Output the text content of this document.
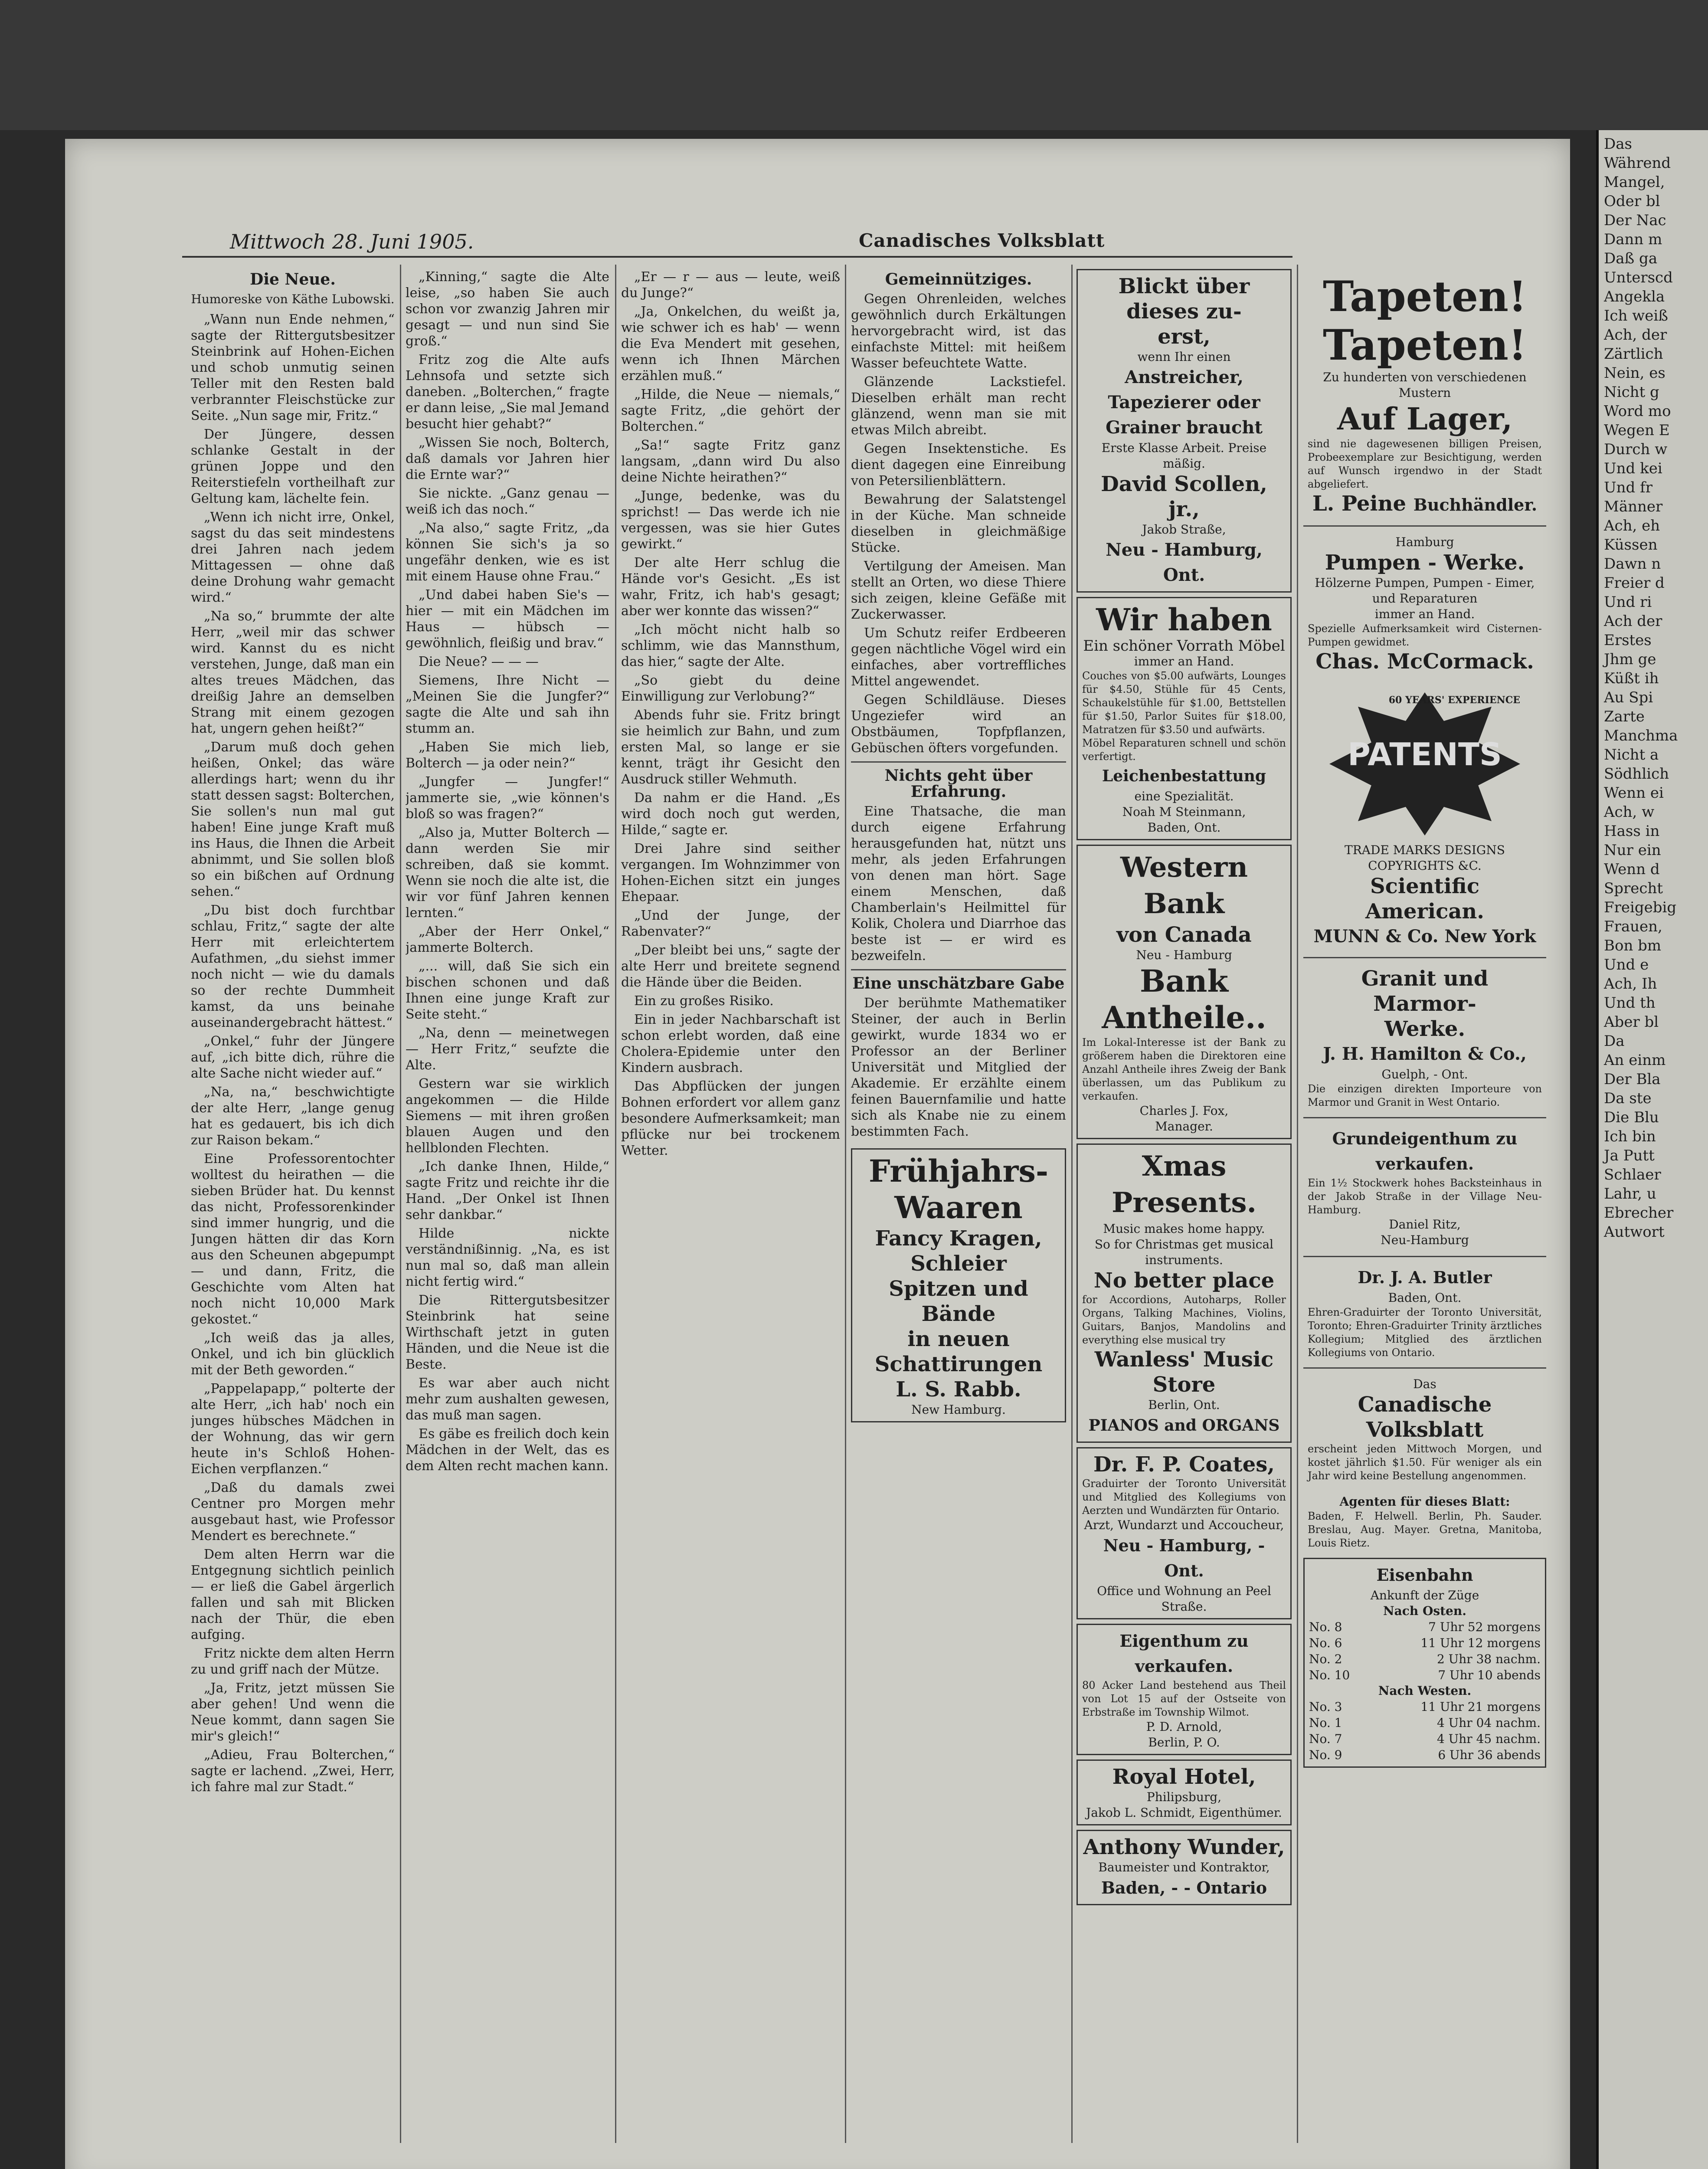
Das
Während
Mangel,
Oder bl
Der Nac
Dann m
Daß ga
Unterscd
Angekla
Ich weiß
Ach, der
Zärtlich
Nein, es
Nicht g
Word mo
Wegen E
Durch w
Und kei
Und fr
Männer
Ach, eh
Küssen
Dawn n
Freier d
Und ri
Ach der
Erstes
Jhm ge
Küßt ih
Au Spi
Zarte
Manchma
Nicht a
Södhlich
Wenn ei
Ach, w
Hass in
Nur ein
Wenn d
Sprecht
Freigebig
Frauen,
Bon bm
Und e
Ach, Ih
Und th
Aber bl
Da
An einm
Der Bla
Da ste
Die Blu
Ich bin
Ja Putt
Schlaer
Lahr, u
Ebrecher
Autwort
Mittwoch 28. Juni 1905.	Canadisches Volksblatt
Die Neue.
Humoreske von Käthe Lubowski.

„Wann nun Ende nehmen,“ sagte der Rittergutsbesitzer Steinbrink auf Hohen-Eichen und schob unmutig seinen Teller mit den Resten bald verbrannter Fleischstücke zur Seite. „Nun sage mir, Fritz.“

Der Jüngere, dessen schlanke Gestalt in der grünen Joppe und den Reiterstiefeln vortheilhaft zur Geltung kam, lächelte fein.

„Wenn ich nicht irre, Onkel, sagst du das seit mindestens drei Jahren nach jedem Mittagessen — ohne daß deine Drohung wahr gemacht wird.“

„Na so,“ brummte der alte Herr, „weil mir das schwer wird. Kannst du es nicht verstehen, Junge, daß man ein altes treues Mädchen, das dreißig Jahre an demselben Strang mit einem gezogen hat, ungern gehen heißt?“

„Darum muß doch gehen heißen, Onkel; das wäre allerdings hart; wenn du ihr statt dessen sagst: Bolterchen, Sie sollen's nun mal gut haben! Eine junge Kraft muß ins Haus, die Ihnen die Arbeit abnimmt, und Sie sollen bloß so ein bißchen auf Ordnung sehen.“

„Du bist doch furchtbar schlau, Fritz,“ sagte der alte Herr mit erleichtertem Aufathmen, „du siehst immer noch nicht — wie du damals so der rechte Dummheit kamst, da uns beinahe auseinandergebracht hättest.“

„Onkel,“ fuhr der Jüngere auf, „ich bitte dich, rühre die alte Sache nicht wieder auf.“

„Na, na,“ beschwichtigte der alte Herr, „lange genug hat es gedauert, bis ich dich zur Raison bekam.“

Eine Professorentochter wolltest du heirathen — die sieben Brüder hat. Du kennst das nicht, Professorenkinder sind immer hungrig, und die Jungen hätten dir das Korn aus den Scheunen abgepumpt — und dann, Fritz, die Geschichte vom Alten hat noch nicht 10,000 Mark gekostet.“

„Ich weiß das ja alles, Onkel, und ich bin glücklich mit der Beth geworden.“

„Pappelapapp,“ polterte der alte Herr, „ich hab' noch ein junges hübsches Mädchen in der Wohnung, das wir gern heute in's Schloß Hohen-Eichen verpflanzen.“

„Daß du damals zwei Centner pro Morgen mehr ausgebaut hast, wie Professor Mendert es berechnete.“

Dem alten Herrn war die Entgegnung sichtlich peinlich — er ließ die Gabel ärgerlich fallen und sah mit Blicken nach der Thür, die eben aufging.

Fritz nickte dem alten Herrn zu und griff nach der Mütze.

„Ja, Fritz, jetzt müssen Sie aber gehen! Und wenn die Neue kommt, dann sagen Sie mir's gleich!“

„Adieu, Frau Bolterchen,“ sagte er lachend. „Zwei, Herr, ich fahre mal zur Stadt.“

„Kinning,“ sagte die Alte leise, „so haben Sie auch schon vor zwanzig Jahren mir gesagt — und nun sind Sie groß.“

Fritz zog die Alte aufs Lehnsofa und setzte sich daneben. „Bolterchen,“ fragte er dann leise, „Sie mal Jemand besucht hier gehabt?“

„Wissen Sie noch, Bolterch, daß damals vor Jahren hier die Ernte war?“

Sie nickte. „Ganz genau — weiß ich das noch.“

„Na also,“ sagte Fritz, „da können Sie sich's ja so ungefähr denken, wie es ist mit einem Hause ohne Frau.“

„Und dabei haben Sie's — hier — mit ein Mädchen im Haus — hübsch — gewöhnlich, fleißig und brav.“

Die Neue? — — —

Siemens, Ihre Nicht — „Meinen Sie die Jungfer?“ sagte die Alte und sah ihn stumm an.

„Haben Sie mich lieb, Bolterch — ja oder nein?“

„Jungfer — Jungfer!“ jammerte sie, „wie können's bloß so was fragen?“

„Also ja, Mutter Bolterch — dann werden Sie mir schreiben, daß sie kommt. Wenn sie noch die alte ist, die wir vor fünf Jahren kennen lernten.“

„Aber der Herr Onkel,“ jammerte Bolterch.

„... will, daß Sie sich ein bischen schonen und daß Ihnen eine junge Kraft zur Seite steht.“

„Na, denn — meinetwegen — Herr Fritz,“ seufzte die Alte.

Gestern war sie wirklich angekommen — die Hilde Siemens — mit ihren großen blauen Augen und den hellblonden Flechten.

„Ich danke Ihnen, Hilde,“ sagte Fritz und reichte ihr die Hand. „Der Onkel ist Ihnen sehr dankbar.“

Hilde nickte verständnißinnig. „Na, es ist nun mal so, daß man allein nicht fertig wird.“

Die Rittergutsbesitzer Steinbrink hat seine Wirthschaft jetzt in guten Händen, und die Neue ist die Beste.

Es war aber auch nicht mehr zum aushalten gewesen, das muß man sagen.

Es gäbe es freilich doch kein Mädchen in der Welt, das es dem Alten recht machen kann.

„Er — r — aus — leute, weiß du Junge?“

„Ja, Onkelchen, du weißt ja, wie schwer ich es hab' — wenn die Eva Mendert mit gesehen, wenn ich Ihnen Märchen erzählen muß.“

„Hilde, die Neue — niemals,“ sagte Fritz, „die gehört der Bolterchen.“

„Sa!“ sagte Fritz ganz langsam, „dann wird Du also deine Nichte heirathen?“

„Junge, bedenke, was du sprichst! — Das werde ich nie vergessen, was sie hier Gutes gewirkt.“

Der alte Herr schlug die Hände vor's Gesicht. „Es ist wahr, Fritz, ich hab's gesagt; aber wer konnte das wissen?“

„Ich möcht nicht halb so schlimm, wie das Mannsthum, das hier,“ sagte der Alte.

„So giebt du deine Einwilligung zur Verlobung?“

Abends fuhr sie. Fritz bringt sie heimlich zur Bahn, und zum ersten Mal, so lange er sie kennt, trägt ihr Gesicht den Ausdruck stiller Wehmuth.

Da nahm er die Hand. „Es wird doch noch gut werden, Hilde,“ sagte er.

Drei Jahre sind seither vergangen. Im Wohnzimmer von Hohen-Eichen sitzt ein junges Ehepaar.

„Und der Junge, der Rabenvater?“

„Der bleibt bei uns,“ sagte der alte Herr und breitete segnend die Hände über die Beiden.

Ein zu großes Risiko.

Ein in jeder Nachbarschaft ist schon erlebt worden, daß eine Cholera-Epidemie unter den Kindern ausbrach.

Das Abpflücken der jungen Bohnen erfordert vor allem ganz besondere Aufmerksamkeit; man pflücke nur bei trockenem Wetter.

Gemeinnütziges.

Gegen Ohrenleiden, welches gewöhnlich durch Erkältungen hervorgebracht wird, ist das einfachste Mittel: mit heißem Wasser befeuchtete Watte.

Glänzende Lackstiefel. Dieselben erhält man recht glänzend, wenn man sie mit etwas Milch abreibt.

Gegen Insektenstiche. Es dient dagegen eine Einreibung von Petersilienblättern.

Bewahrung der Salatstengel in der Küche. Man schneide dieselben in gleichmäßige Stücke.

Vertilgung der Ameisen. Man stellt an Orten, wo diese Thiere sich zeigen, kleine Gefäße mit Zuckerwasser.

Um Schutz reifer Erdbeeren gegen nächtliche Vögel wird ein einfaches, aber vortreffliches Mittel angewendet.

Gegen Schildläuse. Dieses Ungeziefer wird an Obstbäumen, Topfpflanzen, Gebüschen öfters vorgefunden.

Nichts geht über Erfahrung.

Eine Thatsache, die man durch eigene Erfahrung herausgefunden hat, nützt uns mehr, als jeden Erfahrungen von denen man hört. Sage einem Menschen, daß Chamberlain's Heilmittel für Kolik, Cholera und Diarrhoe das beste ist — er wird es bezweifeln.

Eine unschätzbare Gabe

Der berühmte Mathematiker Steiner, der auch in Berlin gewirkt, wurde 1834 wo er Professor an der Berliner Universität und Mitglied der Akademie. Er erzählte einem feinen Bauernfamilie und hatte sich als Knabe nie zu einem bestimmten Fach.

Frühjahrs-
Waaren
Fancy Kragen, Schleier
Spitzen und Bände
in neuen Schattirungen
L. S. Rabb.
New Hamburg.
Blickt über dieses zu-
erst,
wenn Ihr einen
Anstreicher, Tapezierer oder
Grainer braucht
Erste Klasse Arbeit. Preise mäßig.
David Scollen, jr.,
Jakob Straße,
Neu - Hamburg, Ont.
Wir haben
Ein schöner Vorrath Möbel
immer an Hand.
Couches von $5.00 aufwärts, Lounges für $4.50, Stühle für 45 Cents, Schaukelstühle für $1.00, Bettstellen für $1.50, Parlor Suites für $18.00, Matratzen für $3.50 und aufwärts.
Möbel Reparaturen schnell und schön verfertigt.
Leichenbestattung
eine Spezialität.
Noah M Steinmann,
Baden, Ont.
Western Bank
von Canada
Neu - Hamburg
Bank
Antheile..
Im Lokal-Interesse ist der Bank zu größerem haben die Direktoren eine Anzahl Antheile ihres Zweig der Bank überlassen, um das Publikum zu verkaufen.
Charles J. Fox,
Manager.
Xmas Presents.
Music makes home happy.
So for Christmas get musical instruments.
No better place
for Accordions, Autoharps, Roller Organs, Talking Machines, Violins, Guitars, Banjos, Mandolins and everything else musical try
Wanless' Music Store
Berlin, Ont.
PIANOS and ORGANS
Dr. F. P. Coates,
Graduirter der Toronto Universität und Mitglied des Kollegiums von Aerzten und Wundärzten für Ontario.
Arzt, Wundarzt und Accoucheur,
Neu - Hamburg, - Ont.
Office und Wohnung an Peel Straße.
Eigenthum zu verkaufen.
80 Acker Land bestehend aus Theil von Lot 15 auf der Ostseite von Erbstraße im Township Wilmot.
P. D. Arnold,
Berlin, P. O.
Royal Hotel,
Philipsburg,
Jakob L. Schmidt, Eigenthümer.
Anthony Wunder,
Baumeister und Kontraktor,
Baden, - - Ontario
Tapeten!
Tapeten!
Zu hunderten von verschiedenen Mustern
Auf Lager,
sind nie dagewesenen billigen Preisen, Probeexemplare zur Besichtigung, werden auf Wunsch irgendwo in der Stadt abgeliefert.
L. Peine Buchhändler.
Hamburg
Pumpen - Werke.
Hölzerne Pumpen, Pumpen - Eimer, und Reparaturen
immer an Hand.
Spezielle Aufmerksamkeit wird Cisternen-Pumpen gewidmet.
Chas. McCormack.
PATENTS
60 YEARS' EXPERIENCE
TRADE MARKS DESIGNS COPYRIGHTS &C.
Scientific American.
MUNN & Co. New York
Granit und Marmor-
Werke.
J. H. Hamilton & Co.,
Guelph, - Ont.
Die einzigen direkten Importeure von Marmor und Granit in West Ontario.
Grundeigenthum zu verkaufen.
Ein 1½ Stockwerk hohes Backsteinhaus in der Jakob Straße in der Village Neu-Hamburg.
Daniel Ritz,
Neu-Hamburg
Dr. J. A. Butler
Baden, Ont.
Ehren-Graduirter der Toronto Universität, Toronto; Ehren-Graduirter Trinity ärztliches Kollegium; Mitglied des ärztlichen Kollegiums von Ontario.
Das
Canadische Volksblatt
erscheint jeden Mittwoch Morgen, und kostet jährlich $1.50. Für weniger als ein Jahr wird keine Bestellung angenommen.
Agenten für dieses Blatt:
Baden, F. Helwell. Berlin, Ph. Sauder. Breslau, Aug. Mayer. Gretna, Manitoba, Louis Rietz.
Eisenbahn
Ankunft der Züge
Nach Osten.
No. 8	7 Uhr 52 morgens
No. 6	11 Uhr 12 morgens
No. 2	2 Uhr 38 nachm.
No. 10	7 Uhr 10 abends
Nach Westen.
No. 3	11 Uhr 21 morgens
No. 1	4 Uhr 04 nachm.
No. 7	4 Uhr 45 nachm.
No. 9	6 Uhr 36 abends
